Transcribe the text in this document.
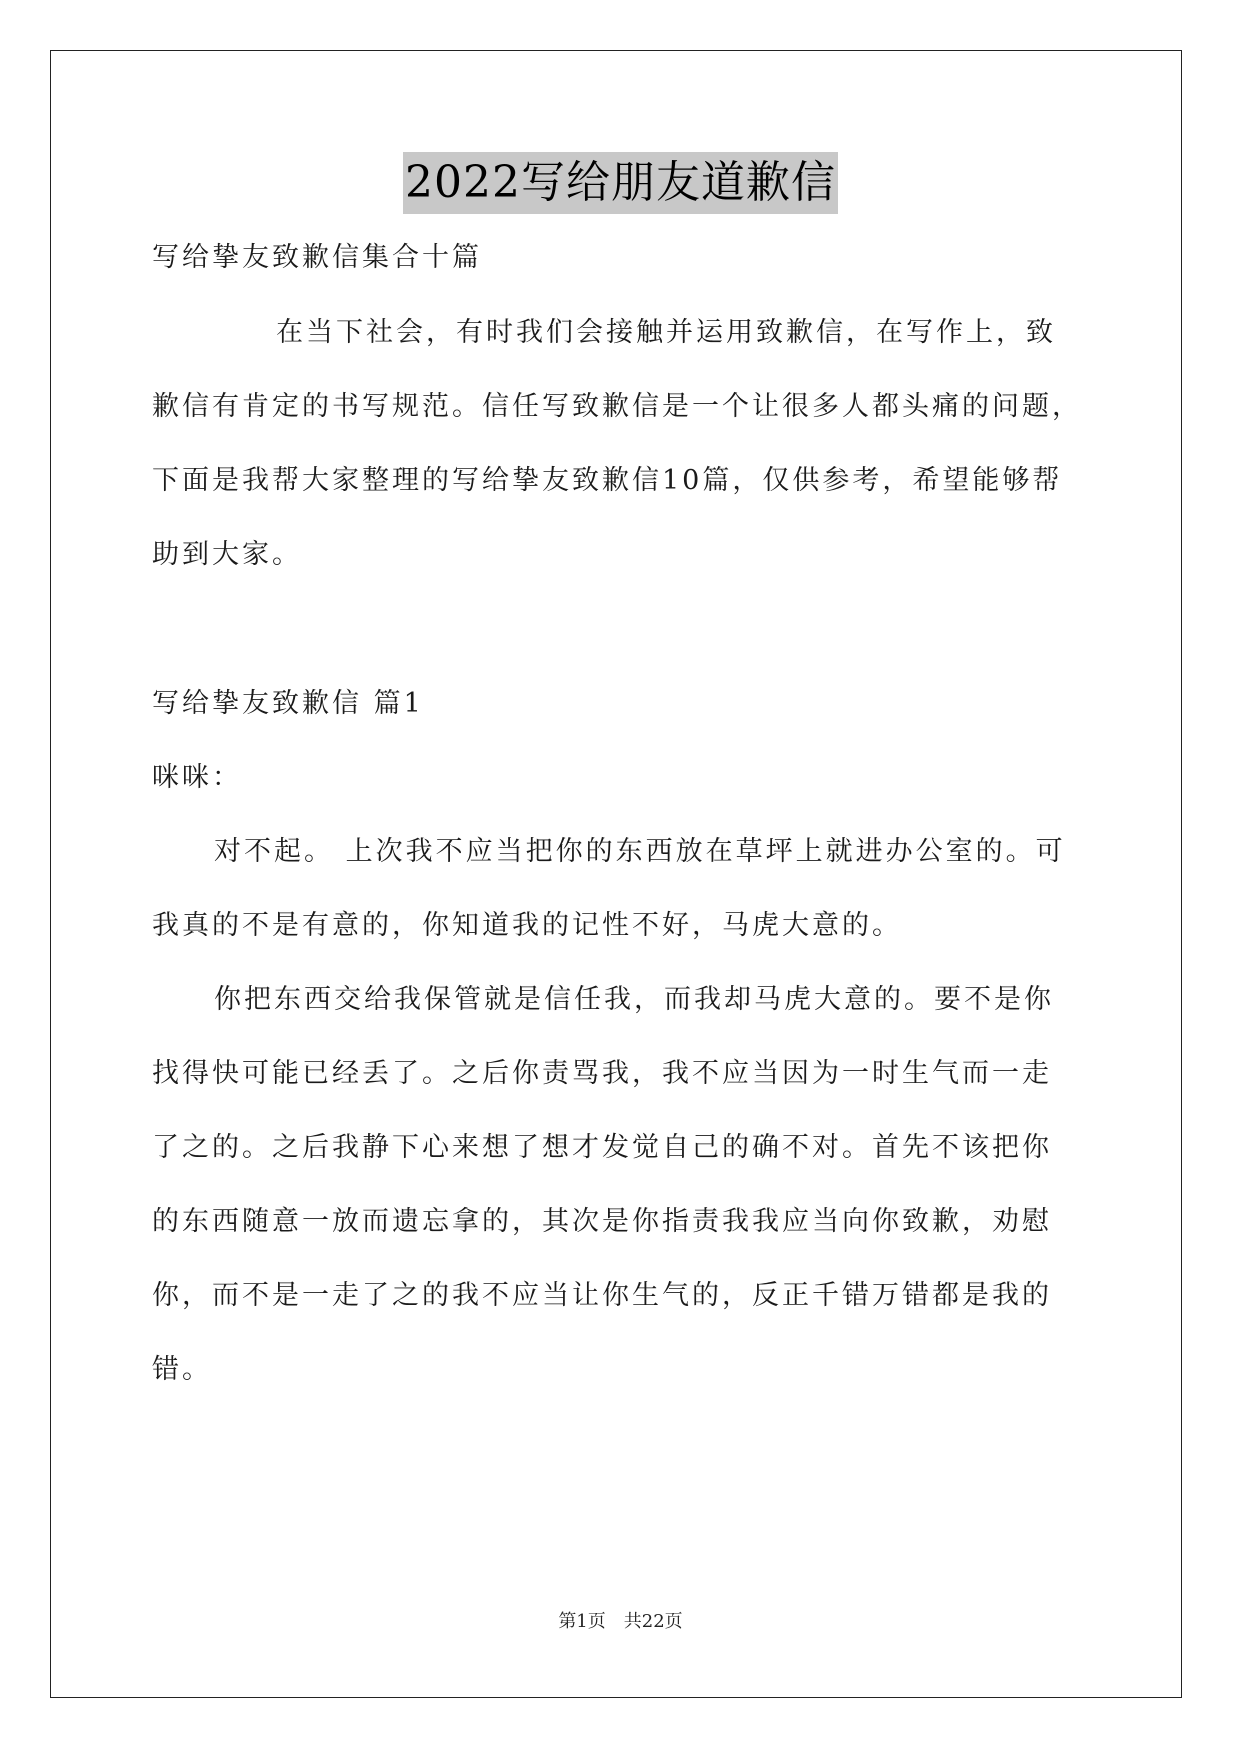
2022写给朋友道歉信
写给挚友致歉信集合十篇
在当下社会，有时我们会接触并运用致歉信，在写作上，致
歉信有肯定的书写规范。信任写致歉信是一个让很多人都头痛的问题，
下面是我帮大家整理的写给挚友致歉信10篇，仅供参考，希望能够帮
助到大家。
写给挚友致歉信 篇1
咪咪：
对不起。 上次我不应当把你的东西放在草坪上就进办公室的。可
我真的不是有意的，你知道我的记性不好，马虎大意的。
你把东西交给我保管就是信任我，而我却马虎大意的。要不是你
找得快可能已经丢了。之后你责骂我，我不应当因为一时生气而一走
了之的。之后我静下心来想了想才发觉自己的确不对。首先不该把你
的东西随意一放而遗忘拿的，其次是你指责我我应当向你致歉，劝慰
你，而不是一走了之的我不应当让你生气的，反正千错万错都是我的
错。
第1页　共22页
